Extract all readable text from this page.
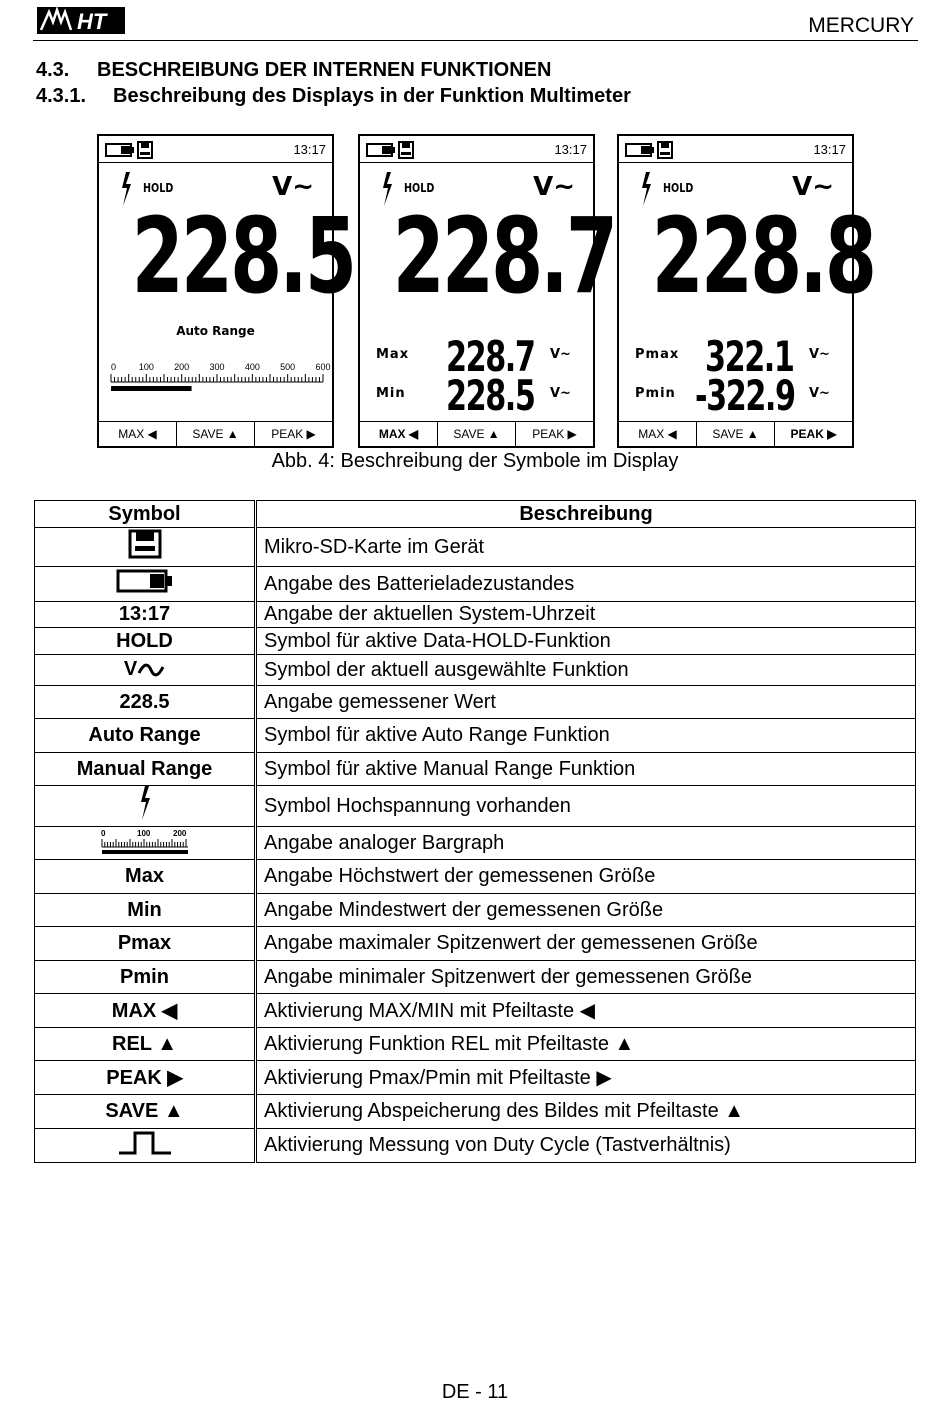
HT	MERCURY
4.3. BESCHREIBUNG DER INTERNEN FUNKTIONEN
4.3.1. Beschreibung des Displays in der Funktion Multimeter
13:17
HOLD	V~
228.5
Auto Range
0	100 200 300 400 500 600
MAX ◀	SAVE ▲	PEAK ▶
13:17
HOLD	V~
228.7
Max 228.7 V~
Min 228.5 V~
MAX ◀	SAVE ▲	PEAK ▶
13:17
HOLD	V~
228.8
Pmax 322.1 V~
Pmin -322.9 V~
MAX ◀	SAVE ▲	PEAK ▶
Abb. 4: Beschreibung der Symbole im Display
Symbol	Beschreibung
	Mikro-SD-Karte im Gerät
	Angabe des Batterieladezustandes
13:17	Angabe der aktuellen System-Uhrzeit
HOLD	Symbol für aktive Data-HOLD-Funktion
V	Symbol der aktuell ausgewählte Funktion
228.5	Angabe gemessener Wert
Auto Range	Symbol für aktive Auto Range Funktion
Manual Range	Symbol für aktive Manual Range Funktion
	Symbol Hochspannung vorhanden

0 100 200	Angabe analoger Bargraph
Max	Angabe Höchstwert der gemessenen Größe
Min	Angabe Mindestwert der gemessenen Größe
Pmax	Angabe maximaler Spitzenwert der gemessenen Größe
Pmin	Angabe minimaler Spitzenwert der gemessenen Größe
MAX ◀	Aktivierung MAX/MIN mit Pfeiltaste ◀
REL ▲	Aktivierung Funktion REL mit Pfeiltaste ▲
PEAK ▶	Aktivierung Pmax/Pmin mit Pfeiltaste ▶
SAVE ▲	Aktivierung Abspeicherung des Bildes mit Pfeiltaste ▲
	Aktivierung Messung von Duty Cycle (Tastverhältnis)
DE - 11
